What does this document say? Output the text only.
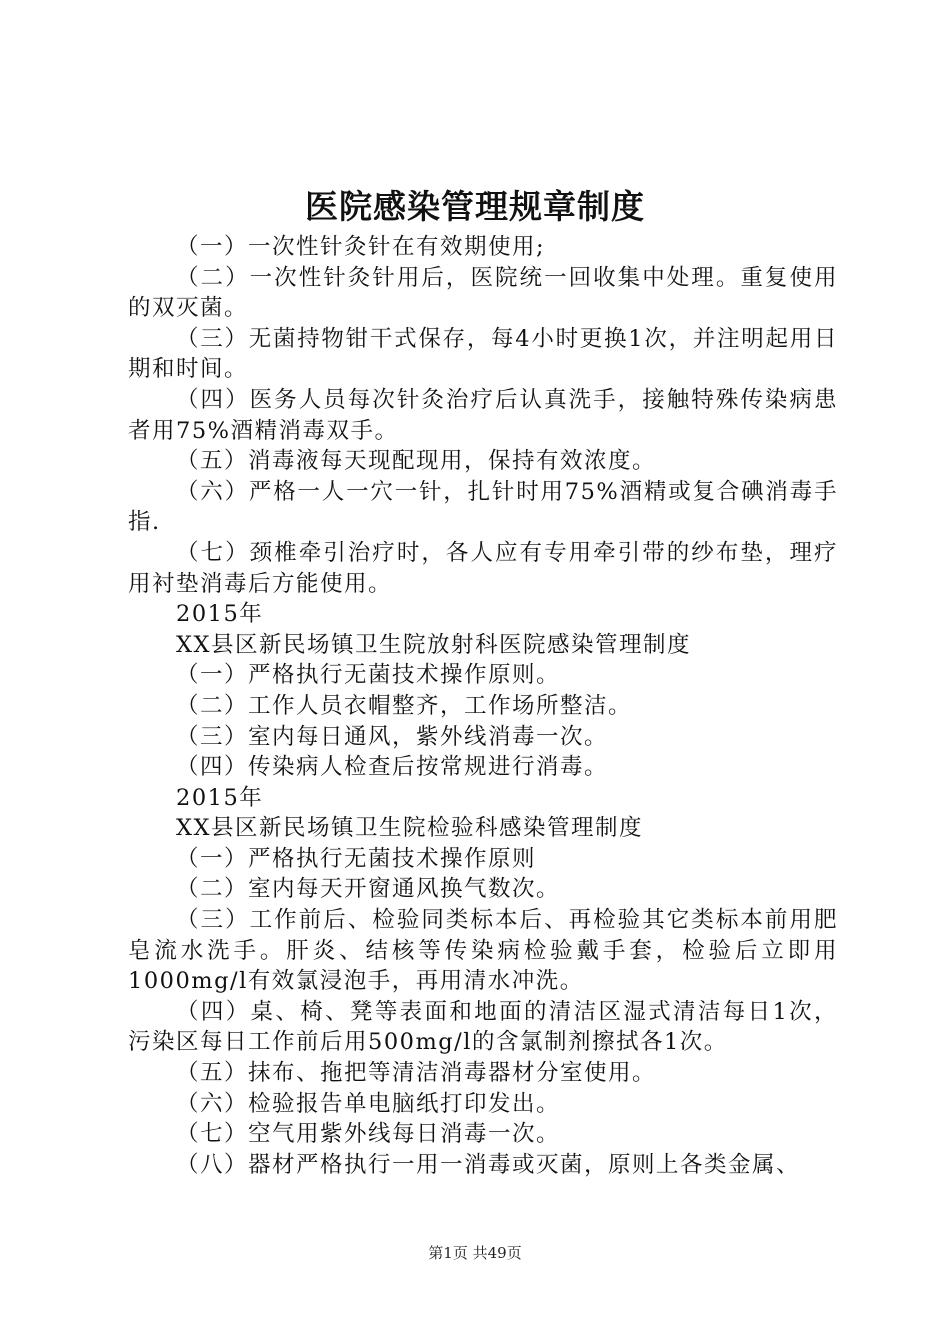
医院感染管理规章制度

（一）一次性针灸针在有效期使用;

（二）一次性针灸针用后，医院统一回收集中处理。重复使用的双灭菌。

（三）无菌持物钳干式保存，每4小时更换1次，并注明起用日期和时间。

（四）医务人员每次针灸治疗后认真洗手，接触特殊传染病患者用75%酒精消毒双手。

（五）消毒液每天现配现用，保持有效浓度。

（六）严格一人一穴一针，扎针时用75%酒精或复合碘消毒手指.

（七）颈椎牵引治疗时，各人应有专用牵引带的纱布垫，理疗用衬垫消毒后方能使用。

2015年

XX县区新民场镇卫生院放射科医院感染管理制度

（一）严格执行无菌技术操作原则。

（二）工作人员衣帽整齐，工作场所整洁。

（三）室内每日通风，紫外线消毒一次。

（四）传染病人检查后按常规进行消毒。

2015年

XX县区新民场镇卫生院检验科感染管理制度

（一）严格执行无菌技术操作原则

（二）室内每天开窗通风换气数次。

（三）工作前后、检验同类标本后、再检验其它类标本前用肥皂流水洗手。肝炎、结核等传染病检验戴手套，检验后立即用1000mg/l有效氯浸泡手，再用清水冲洗。

（四）桌、椅、凳等表面和地面的清洁区湿式清洁每日1次，污染区每日工作前后用500mg/l的含氯制剂擦拭各1次。

（五）抹布、拖把等清洁消毒器材分室使用。

（六）检验报告单电脑纸打印发出。

（七）空气用紫外线每日消毒一次。

（八）器材严格执行一用一消毒或灭菌，原则上各类金属、

第1页 共49页
